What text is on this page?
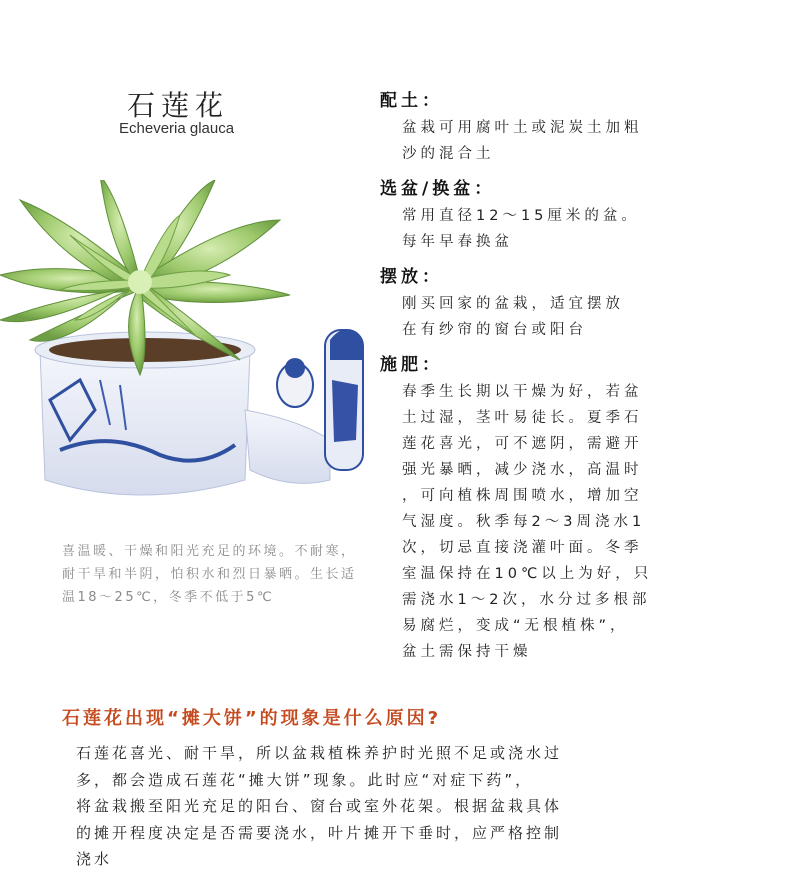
石莲花
Echeveria glauca
喜温暖、干燥和阳光充足的环境。不耐寒，耐干旱和半阴，怕积水和烈日暴晒。生长适温18～25℃，冬季不低于5℃
配土：

盆栽可用腐叶土或泥炭土加粗
沙的混合土

选盆/换盆：

常用直径12～15厘米的盆。
每年早春换盆

摆放：

刚买回家的盆栽，适宜摆放
在有纱帘的窗台或阳台

施肥：

春季生长期以干燥为好，若盆
土过湿，茎叶易徒长。夏季石
莲花喜光，可不遮阴，需避开
强光暴晒，减少浇水，高温时
，可向植株周围喷水，增加空
气湿度。秋季每2～3周浇水1
次，切忌直接浇灌叶面。冬季
室温保持在10℃以上为好，只
需浇水1～2次，水分过多根部
易腐烂，变成“无根植株”，
盆土需保持干燥

石莲花出现“摊大饼”的现象是什么原因?
石莲花喜光、耐干旱，所以盆栽植株养护时光照不足或浇水过
多，都会造成石莲花“摊大饼”现象。此时应“对症下药”，
将盆栽搬至阳光充足的阳台、窗台或室外花架。根据盆栽具体
的摊开程度决定是否需要浇水，叶片摊开下垂时，应严格控制
浇水
